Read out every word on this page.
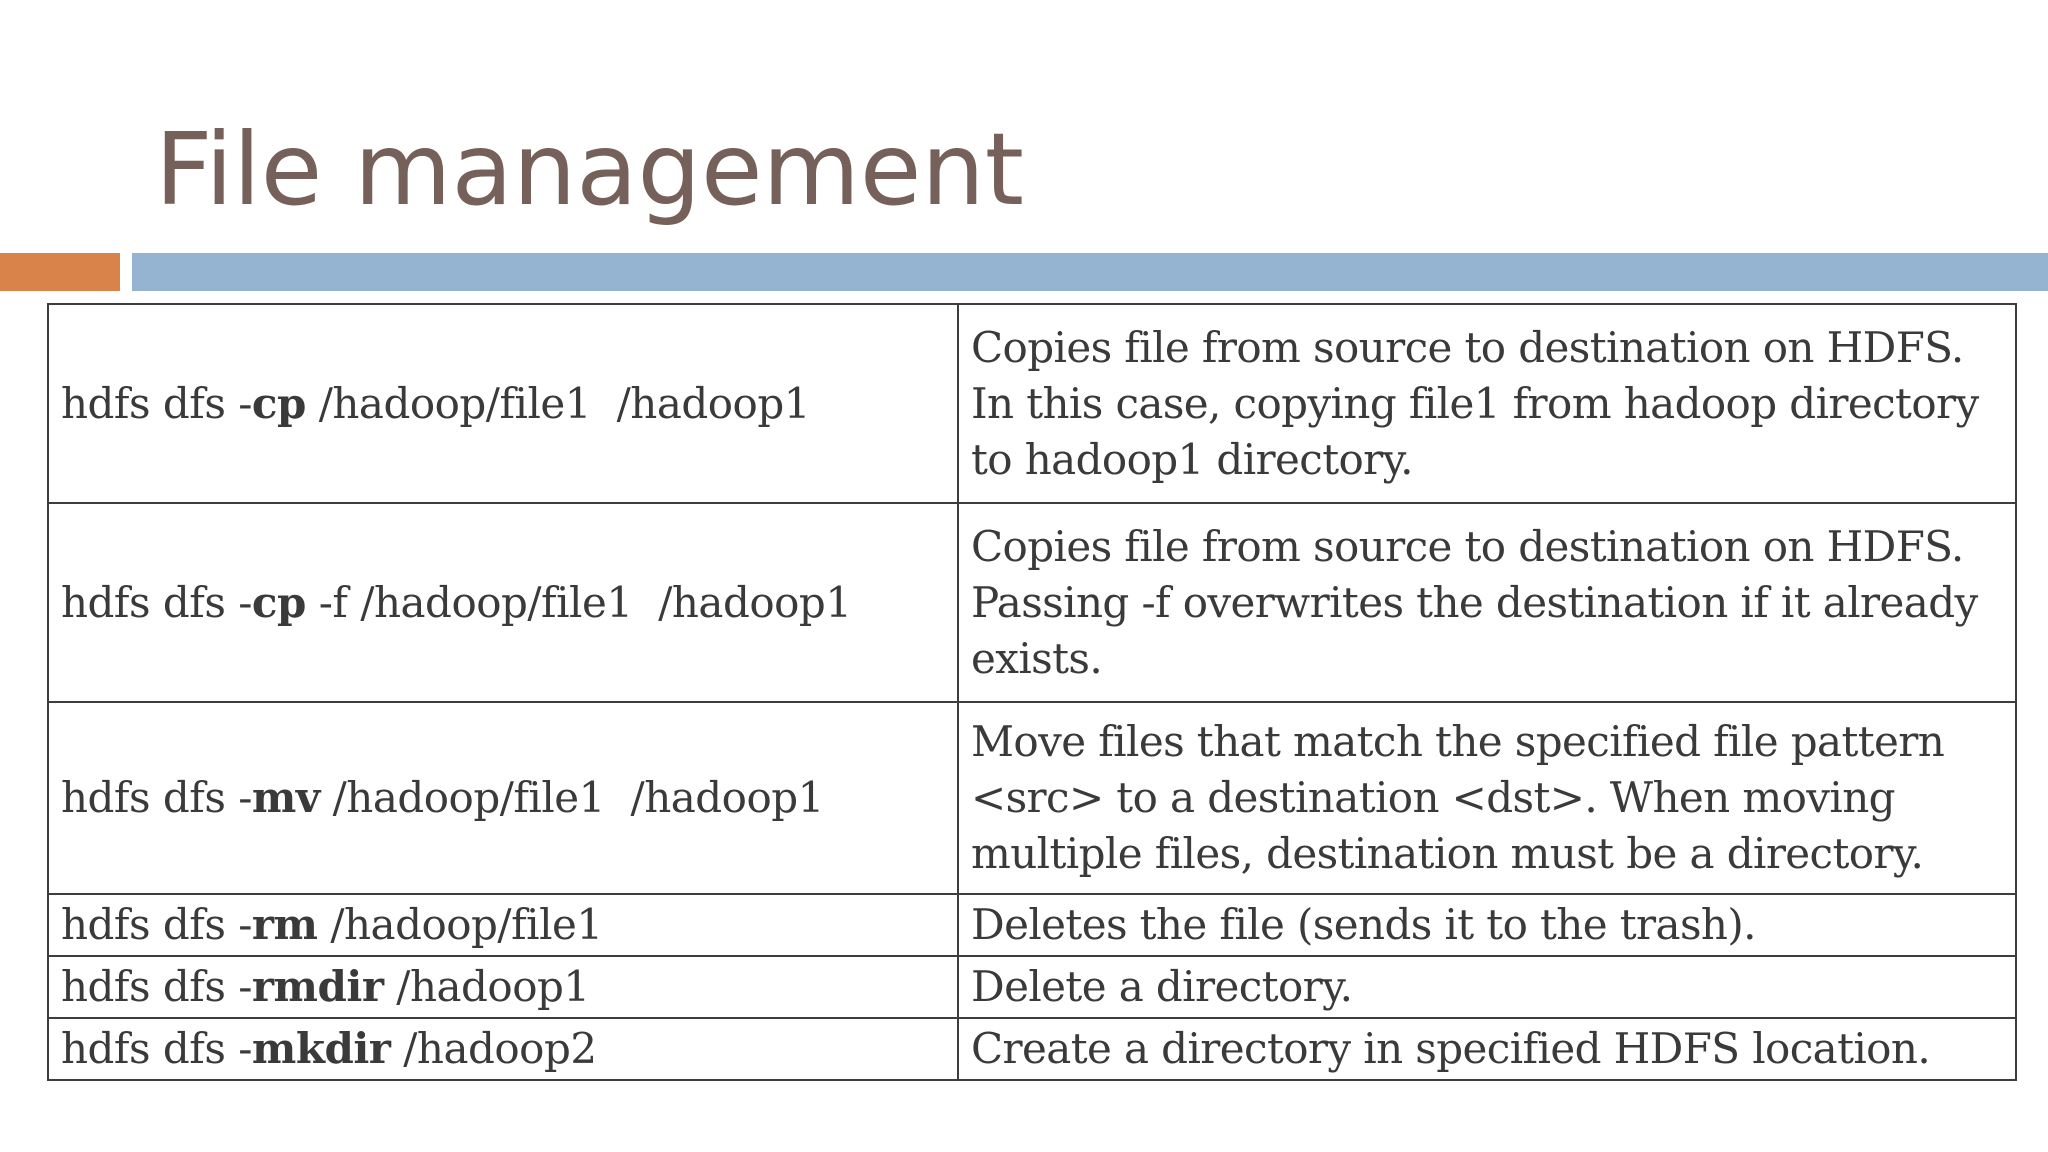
File management
hdfs dfs -cp /hadoop/file1  /hadoop1	Copies file from source to destination on HDFS. In this case, copying file1 from hadoop directory to hadoop1 directory.
hdfs dfs -cp -f /hadoop/file1  /hadoop1	Copies file from source to destination on HDFS. Passing -f overwrites the destination if it already exists.
hdfs dfs -mv /hadoop/file1  /hadoop1	Move files that match the specified file pattern <src> to a destination <dst>. When moving multiple files, destination must be a directory.
hdfs dfs -rm /hadoop/file1	Deletes the file (sends it to the trash).
hdfs dfs -rmdir /hadoop1	Delete a directory.
hdfs dfs -mkdir /hadoop2	Create a directory in specified HDFS location.
